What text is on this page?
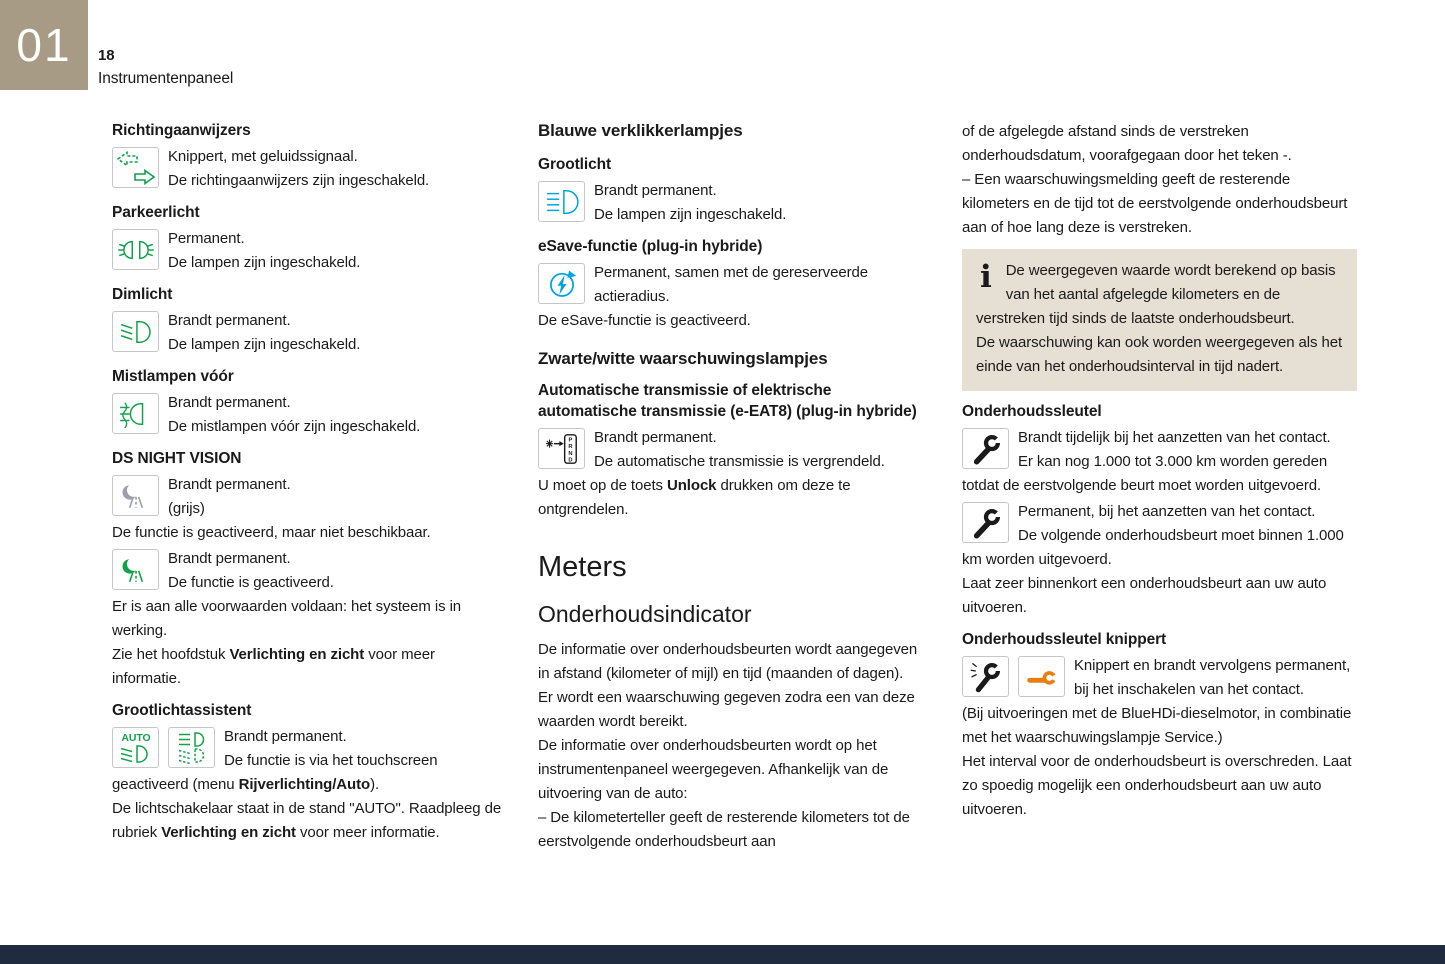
01 18
Instrumentenpaneel
Richtingaanwijzers
Knippert, met geluidssignaal.
De richtingaanwijzers zijn ingeschakeld.
Parkeerlicht
Permanent.
De lampen zijn ingeschakeld.
Dimlicht
Brandt permanent.
De lampen zijn ingeschakeld.
Mistlampen vóór
Brandt permanent.
De mistlampen vóór zijn ingeschakeld.
DS NIGHT VISION
Brandt permanent.
(grijs)
De functie is geactiveerd, maar niet beschikbaar.
Brandt permanent.
De functie is geactiveerd.
Er is aan alle voorwaarden voldaan: het systeem is in werking.
Zie het hoofdstuk Verlichting en zicht voor meer informatie.
Grootlichtassistent
AUTO	Brandt permanent.
De functie is via het touchscreen geactiveerd (menu Rijverlichting/Auto).
De lichtschakelaar staat in de stand "AUTO". Raadpleeg de rubriek Verlichting en zicht voor meer informatie.
Blauwe verklikkerlampjes
Grootlicht
Brandt permanent.
De lampen zijn ingeschakeld.
eSave-functie (plug-in hybride)
Permanent, samen met de gereserveerde actieradius.
De eSave-functie is geactiveerd.
Zwarte/witte waarschuwingslampjes
Automatische transmissie of elektrische automatische transmissie (e-EAT8) (plug-in hybride)
P
R
N
D
Brandt permanent.
De automatische transmissie is vergrendeld.
U moet op de toets Unlock drukken om deze te ontgrendelen.
Meters
Onderhoudsindicator
De informatie over onderhoudsbeurten wordt aangegeven in afstand (kilometer of mijl) en tijd (maanden of dagen).
Er wordt een waarschuwing gegeven zodra een van deze waarden wordt bereikt.
De informatie over onderhoudsbeurten wordt op het instrumentenpaneel weergegeven. Afhankelijk van de uitvoering van de auto:
– De kilometerteller geeft de resterende kilometers tot de eerstvolgende onderhoudsbeurt aan
of de afgelegde afstand sinds de verstreken onderhoudsdatum, voorafgegaan door het teken -.
– Een waarschuwingsmelding geeft de resterende kilometers en de tijd tot de eerstvolgende onderhoudsbeurt aan of hoe lang deze is verstreken.
i De weergegeven waarde wordt berekend op basis van het aantal afgelegde kilometers en de verstreken tijd sinds de laatste onderhoudsbeurt.
De waarschuwing kan ook worden weergegeven als het einde van het onderhoudsinterval in tijd nadert.
Onderhoudssleutel
Brandt tijdelijk bij het aanzetten van het contact.
Er kan nog 1.000 tot 3.000 km worden gereden totdat de eerstvolgende beurt moet worden uitgevoerd.
Permanent, bij het aanzetten van het contact.
De volgende onderhoudsbeurt moet binnen 1.000 km worden uitgevoerd.
Laat zeer binnenkort een onderhoudsbeurt aan uw auto uitvoeren.
Onderhoudssleutel knippert
Knippert en brandt vervolgens permanent, bij het inschakelen van het contact.
(Bij uitvoeringen met de BlueHDi-dieselmotor, in combinatie met het waarschuwingslampje Service.)
Het interval voor de onderhoudsbeurt is overschreden. Laat zo spoedig mogelijk een onderhoudsbeurt aan uw auto uitvoeren.
